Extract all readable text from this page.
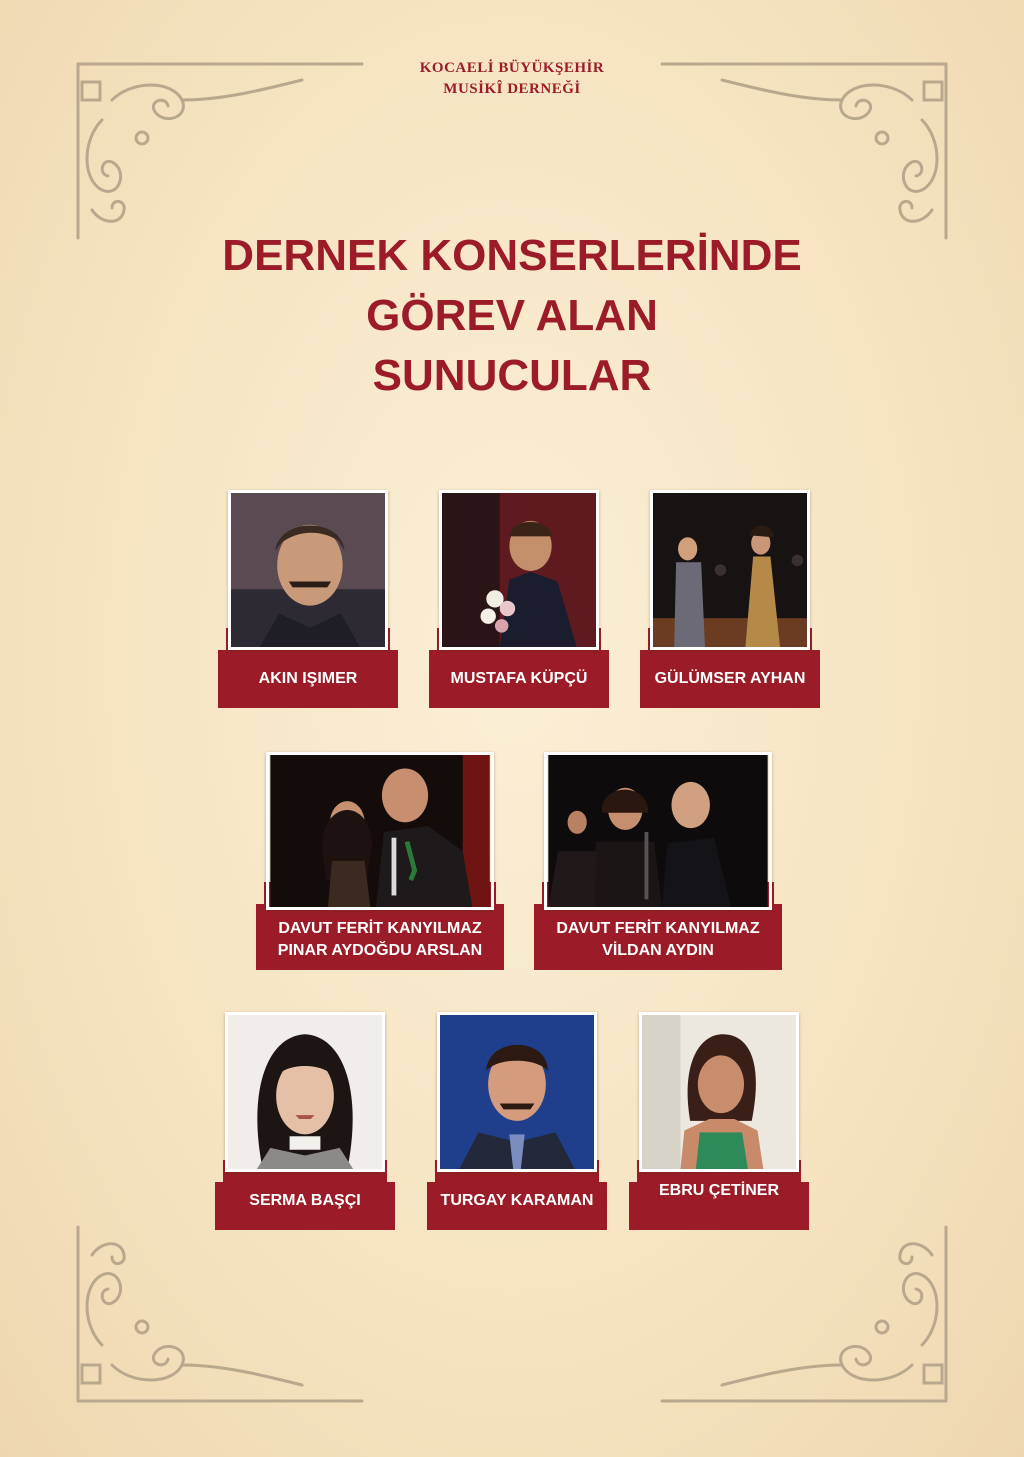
KOCAELİ BÜYÜKŞEHİR
MUSİKÎ DERNEĞİ
DERNEK KONSERLERİNDE
GÖREV ALAN
SUNUCULAR
AKIN IŞIMER	MUSTAFA KÜPÇÜ	GÜLÜMSER AYHAN
DAVUT FERİT KANYILMAZ
PINAR AYDOĞDU ARSLAN
DAVUT FERİT KANYILMAZ
VİLDAN AYDIN
SERMA BAŞÇI	TURGAY KARAMAN
EBRU ÇETİNER
